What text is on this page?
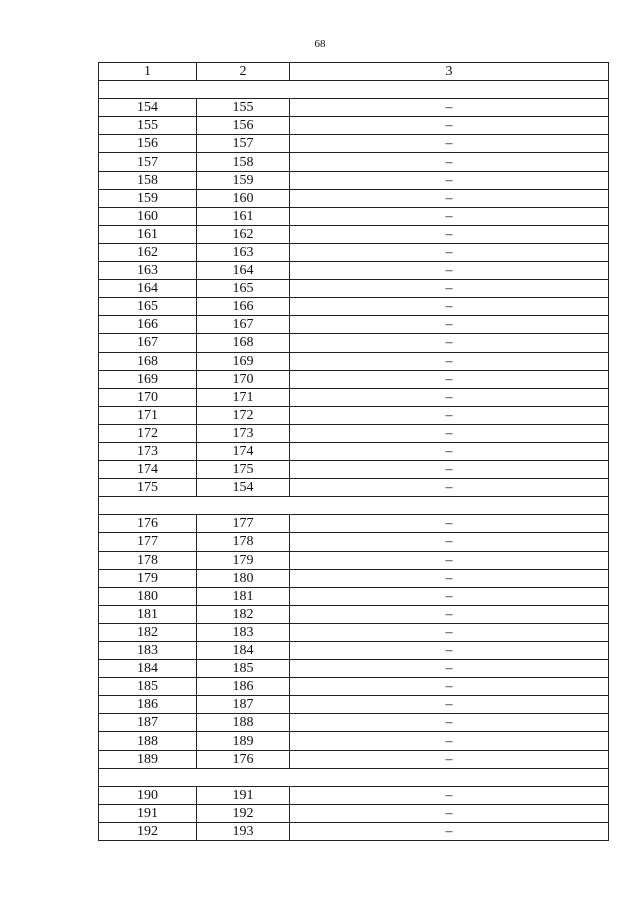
68
1	2	3

154	155	–
155	156	–
156	157	–
157	158	–
158	159	–
159	160	–
160	161	–
161	162	–
162	163	–
163	164	–
164	165	–
165	166	–
166	167	–
167	168	–
168	169	–
169	170	–
170	171	–
171	172	–
172	173	–
173	174	–
174	175	–
175	154	–

176	177	–
177	178	–
178	179	–
179	180	–
180	181	–
181	182	–
182	183	–
183	184	–
184	185	–
185	186	–
186	187	–
187	188	–
188	189	–
189	176	–

190	191	–
191	192	–
192	193	–
